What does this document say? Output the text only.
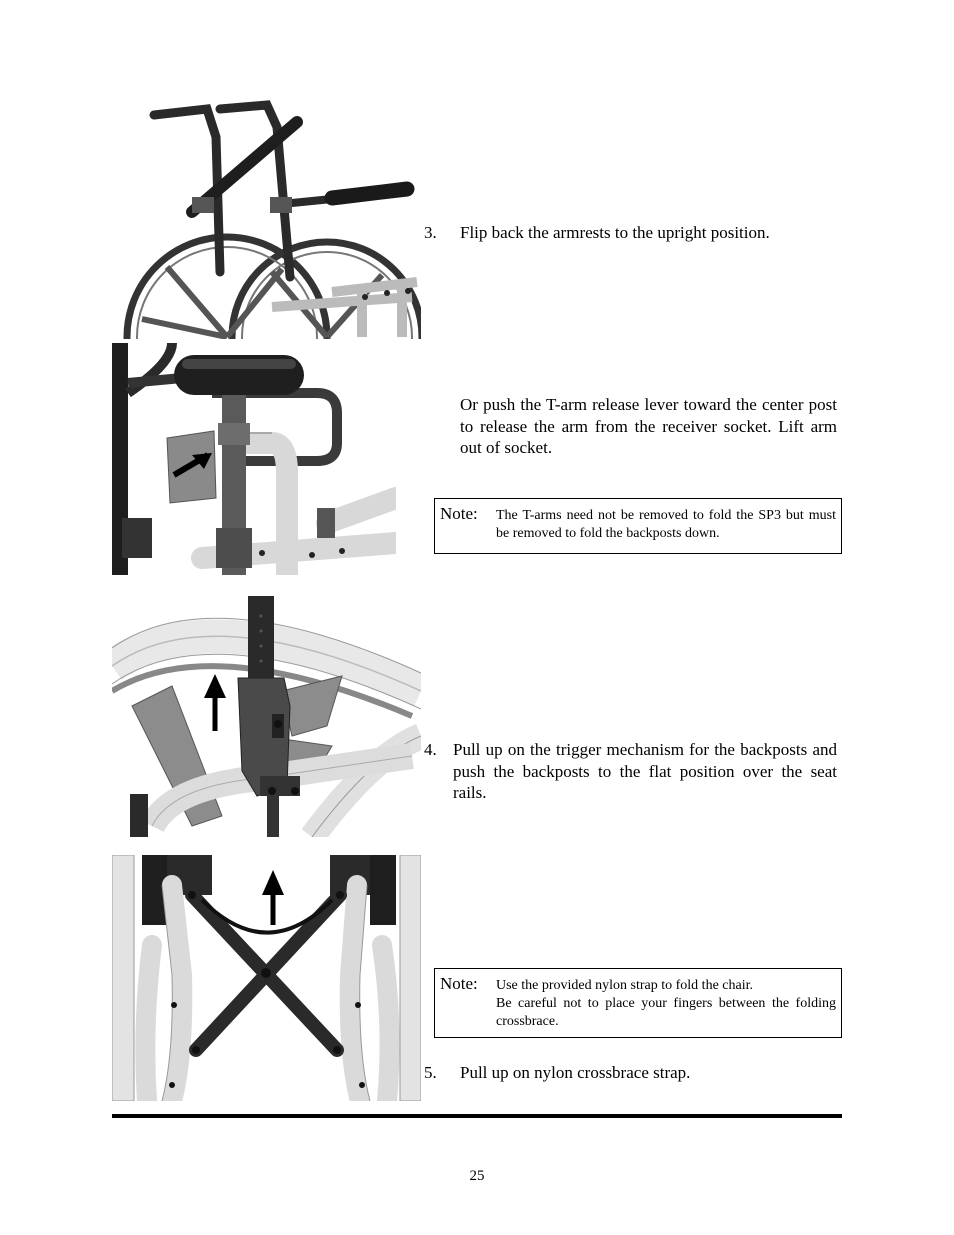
3. Flip back the armrests to the upright position.
Or push the T-arm release lever toward the center post to release the arm from the receiver socket. Lift arm out of socket.
Note: The T-arms need not be removed to fold the SP3 but must be removed to fold the backposts down.
4. Pull up on the trigger mechanism for the backposts and push the backposts to the flat position over the seat rails.
Note: Use the provided nylon strap to fold the chair.
Be careful not to place your fingers between the folding crossbrace.
5. Pull up on nylon crossbrace strap.
25
